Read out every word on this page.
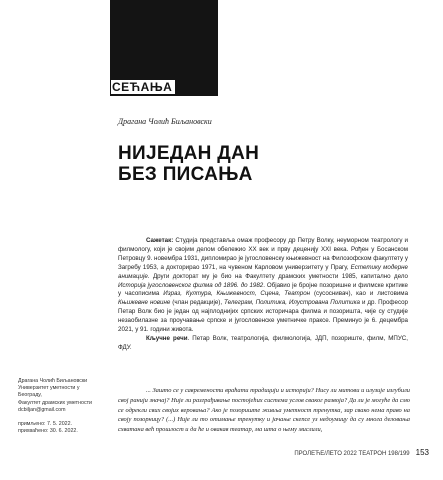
СЕЋАЊА
Драгана Чолић Биљановски
НИЈЕДАН ДАН
БЕЗ ПИСАЊА

Сажетак: Студија представља омаж професору др Петру Волку, неуморном театрологу и филмологу, који је својим делом обележио XX век и прву деценију XXI века. Рођен у Босанском Петровцу 9. новембра 1931, дипломирао је југословенску књижевност на Филозофском факултету у Загребу 1953, а докторирао 1971, на чувеном Карловом универзитету у Прагу, Естетику модерне анимације. Други докторат му је био на Факултету драмских уметности 1985, капитално дело Историја југословенског филма од 1896. до 1982. Објавио је бројне позоришне и филмске критике у часописима Израз, Култура, Књижевност, Сцена, Театрон (сусоснивач), као и листовима Књижевне новине (члан редакције), Телеграм, Политика, Илустрована Политика и др. Професор Петар Волк био је један од најплоднијих српских историчара филма и позоришта, чије су студије незаобилазне за проучавање српске и југословенске уметничке праксе. Преминуо је 6. децембра 2021, у 91. години живота.

Кључне речи. Петар Волк, театрологија, филмологија, ЈДП, позориште, филм, МПУС, ФДУ.

... Зашто се у савремености враћати традицији и историји? Нису ли митови и илузије изгубили свој ранији значај? Није ли разграђивање постојећих система услов сваког развоја? Да ли је могуће да смо се одрекли свих својих веровања? Ако је позориште живља уметност тренутка, зар свако нема право на своју позорницу? (...) Није ли то отимање тренутку и јачање скепсе уз недоумицу да су многа деловања схватана већ прошлост и да ће и овакав театар, ма шта о њему мислили,
Драгана Чолић Биљановски
Универзитет уметности у
Београду,
Факултет драмских уметности
dcbiljan@gmail.com
примљено: 7. 5. 2022.
прихваћено: 30. 6. 2022.
ПРОЛЕЋЕ/ЛЕТО 2022 ТЕАТРОН 198/199 153
